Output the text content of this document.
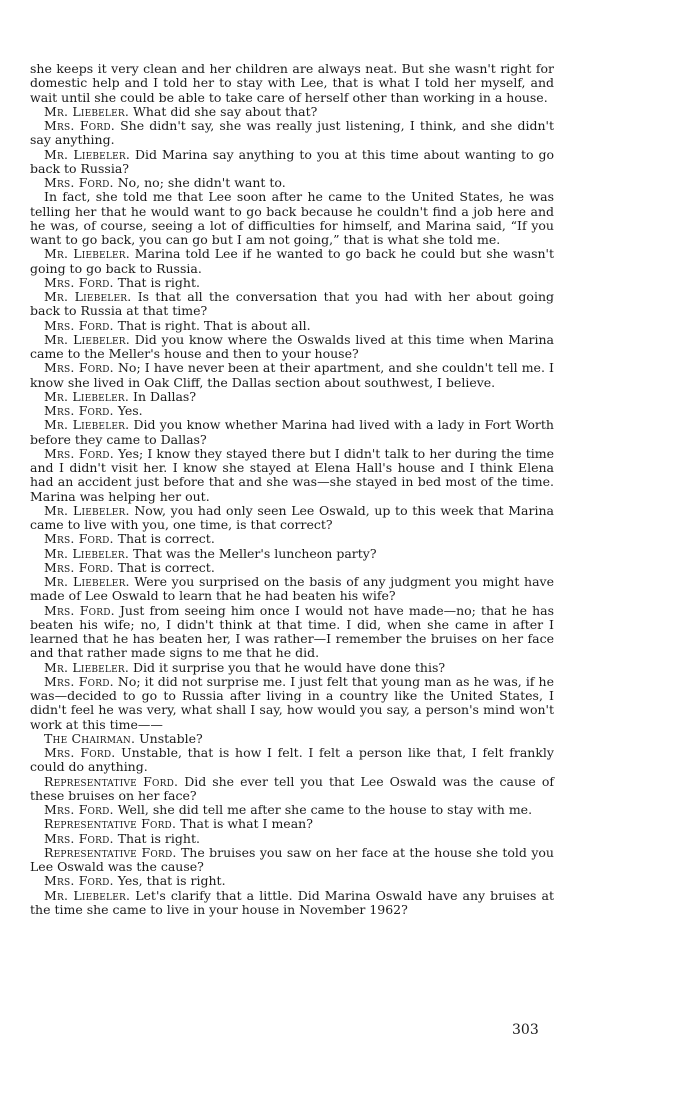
she keeps it very clean and her children are always neat. But she wasn't right for domestic help and I told her to stay with Lee, that is what I told her myself, and wait until she could be able to take care of herself other than working in a house.

Mr. Liebeler. What did she say about that?

Mrs. Ford. She didn't say, she was really just listening, I think, and she didn't say anything.

Mr. Liebeler. Did Marina say anything to you at this time about wanting to go back to Russia?

Mrs. Ford. No, no; she didn't want to.

In fact, she told me that Lee soon after he came to the United States, he was telling her that he would want to go back because he couldn't find a job here and he was, of course, seeing a lot of difficulties for himself, and Marina said, “If you want to go back, you can go but I am not going,” that is what she told me.

Mr. Liebeler. Marina told Lee if he wanted to go back he could but she wasn't going to go back to Russia.

Mrs. Ford. That is right.

Mr. Liebeler. Is that all the conversation that you had with her about going back to Russia at that time?

Mrs. Ford. That is right. That is about all.

Mr. Liebeler. Did you know where the Oswalds lived at this time when Marina came to the Meller's house and then to your house?

Mrs. Ford. No; I have never been at their apartment, and she couldn't tell me. I know she lived in Oak Cliff, the Dallas section about southwest, I believe.

Mr. Liebeler. In Dallas?

Mrs. Ford. Yes.

Mr. Liebeler. Did you know whether Marina had lived with a lady in Fort Worth before they came to Dallas?

Mrs. Ford. Yes; I know they stayed there but I didn't talk to her during the time and I didn't visit her. I know she stayed at Elena Hall's house and I think Elena had an accident just before that and she was—she stayed in bed most of the time. Marina was helping her out.

Mr. Liebeler. Now, you had only seen Lee Oswald, up to this week that Marina came to live with you, one time, is that correct?

Mrs. Ford. That is correct.

Mr. Liebeler. That was the Meller's luncheon party?

Mrs. Ford. That is correct.

Mr. Liebeler. Were you surprised on the basis of any judgment you might have made of Lee Oswald to learn that he had beaten his wife?

Mrs. Ford. Just from seeing him once I would not have made—no; that he has beaten his wife; no, I didn't think at that time. I did, when she came in after I learned that he has beaten her, I was rather—I remember the bruises on her face and that rather made signs to me that he did.

Mr. Liebeler. Did it surprise you that he would have done this?

Mrs. Ford. No; it did not surprise me. I just felt that young man as he was, if he was—decided to go to Russia after living in a country like the United States, I didn't feel he was very, what shall I say, how would you say, a person's mind won't work at this time——

The Chairman. Unstable?

Mrs. Ford. Unstable, that is how I felt. I felt a person like that, I felt frankly could do anything.

Representative Ford. Did she ever tell you that Lee Oswald was the cause of these bruises on her face?

Mrs. Ford. Well, she did tell me after she came to the house to stay with me.

Representative Ford. That is what I mean?

Mrs. Ford. That is right.

Representative Ford. The bruises you saw on her face at the house she told you Lee Oswald was the cause?

Mrs. Ford. Yes, that is right.

Mr. Liebeler. Let's clarify that a little. Did Marina Oswald have any bruises at the time she came to live in your house in November 1962?

303
